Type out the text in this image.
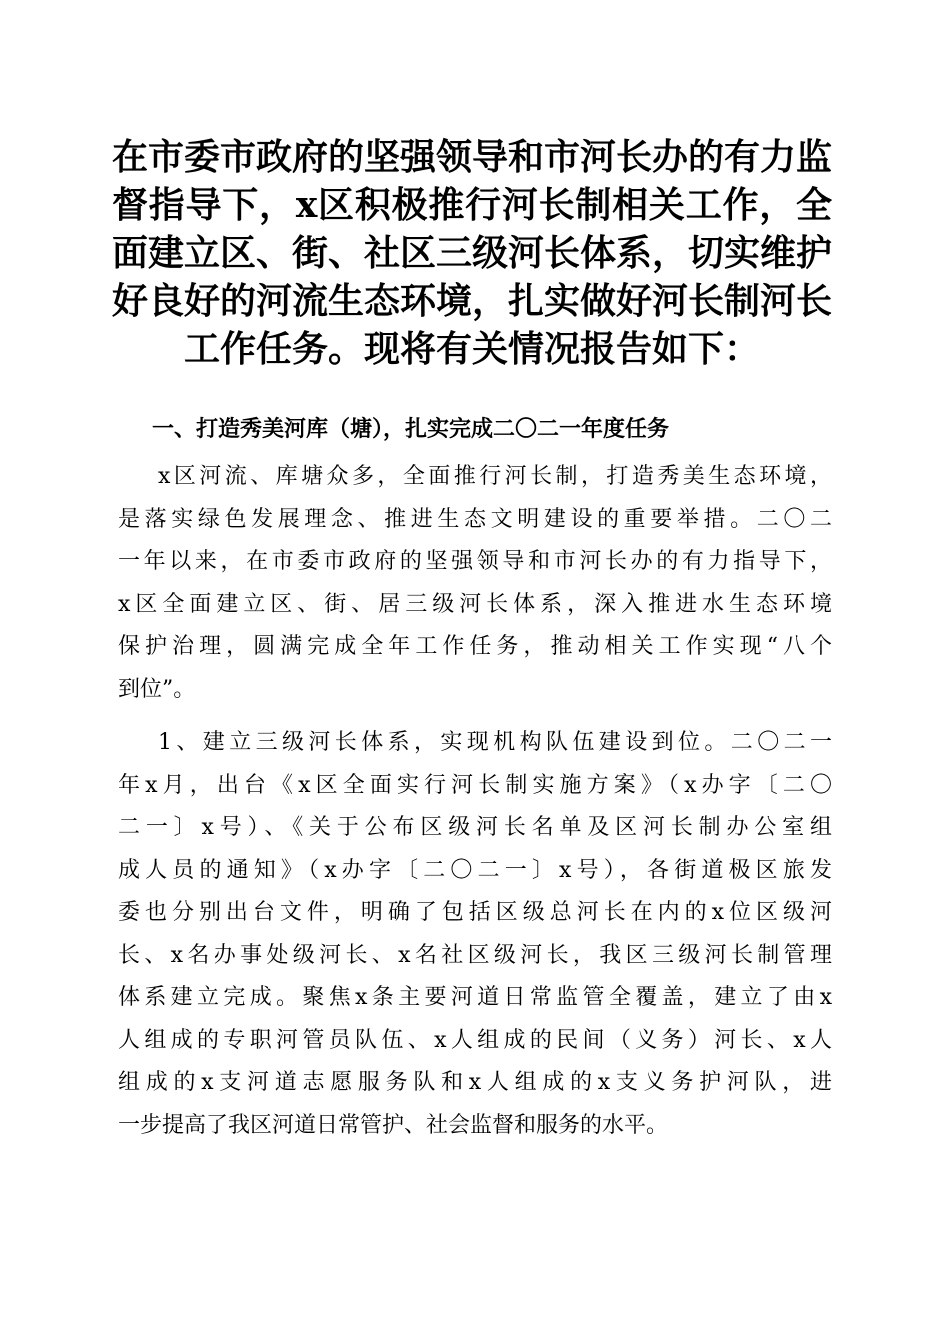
在市委市政府的坚强领导和市河长办的有力监
督指导下，x区积极推行河长制相关工作，全
面建立区、街、社区三级河长体系，切实维护
好良好的河流生态环境，扎实做好河长制河长
工作任务。现将有关情况报告如下：
一、打造秀美河库（塘），扎实完成二〇二一年度任务
x区河流、库塘众多，全面推行河长制，打造秀美生态环境，
是落实绿色发展理念、推进生态文明建设的重要举措。二〇二
一年以来，在市委市政府的坚强领导和市河长办的有力指导下，
x区全面建立区、街、居三级河长体系，深入推进水生态环境
保护治理，圆满完成全年工作任务，推动相关工作实现“八个
到位”。
1、建立三级河长体系，实现机构队伍建设到位。二〇二一
年x月，出台《x区全面实行河长制实施方案》（x办字〔二〇
二一〕x号）、《关于公布区级河长名单及区河长制办公室组
成人员的通知》（x办字〔二〇二一〕x号），各街道极区旅发
委也分别出台文件，明确了包括区级总河长在内的x位区级河
长、x名办事处级河长、x名社区级河长，我区三级河长制管理
体系建立完成。聚焦x条主要河道日常监管全覆盖，建立了由x
人组成的专职河管员队伍、x人组成的民间（义务）河长、x人
组成的x支河道志愿服务队和x人组成的x支义务护河队，进
一步提高了我区河道日常管护、社会监督和服务的水平。
